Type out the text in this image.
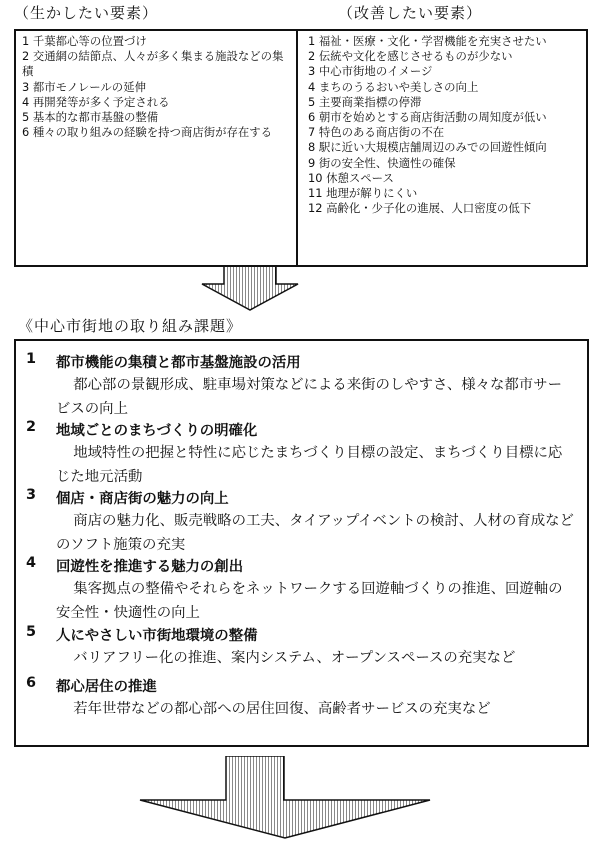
（生かしたい要素）	（改善したい要素）
1 千葉都心等の位置づけ
2 交通網の結節点、人々が多く集まる施設などの集積
3 都市モノレールの延伸
4 再開発等が多く予定される
5 基本的な都市基盤の整備
6 種々の取り組みの経験を持つ商店街が存在する
1 福祉・医療・文化・学習機能を充実させたい
2 伝統や文化を感じさせるものが少ない
3 中心市街地のイメージ
4 まちのうるおいや美しさの向上
5 主要商業指標の停滞
6 朝市を始めとする商店街活動の周知度が低い
7 特色のある商店街の不在
8 駅に近い大規模店舗周辺のみでの回遊性傾向
9 街の安全性、快適性の確保
10 休憩スペース
11 地理が解りにくい
12 高齢化・少子化の進展、人口密度の低下
《中心市街地の取り組み課題》
1 都市機能の集積と都市基盤施設の活用
都心部の景観形成、駐車場対策などによる来街のしやすさ、様々な都市サービスの向上
2 地域ごとのまちづくりの明確化
地域特性の把握と特性に応じたまちづくり目標の設定、まちづくり目標に応じた地元活動
3 個店・商店街の魅力の向上
商店の魅力化、販売戦略の工夫、タイアップイベントの検討、人材の育成などのソフト施策の充実
4 回遊性を推進する魅力の創出
集客拠点の整備やそれらをネットワークする回遊軸づくりの推進、回遊軸の安全性・快適性の向上
5 人にやさしい市街地環境の整備
バリアフリー化の推進、案内システム、オープンスペースの充実など
6 都心居住の推進
若年世帯などの都心部への居住回復、高齢者サービスの充実など
